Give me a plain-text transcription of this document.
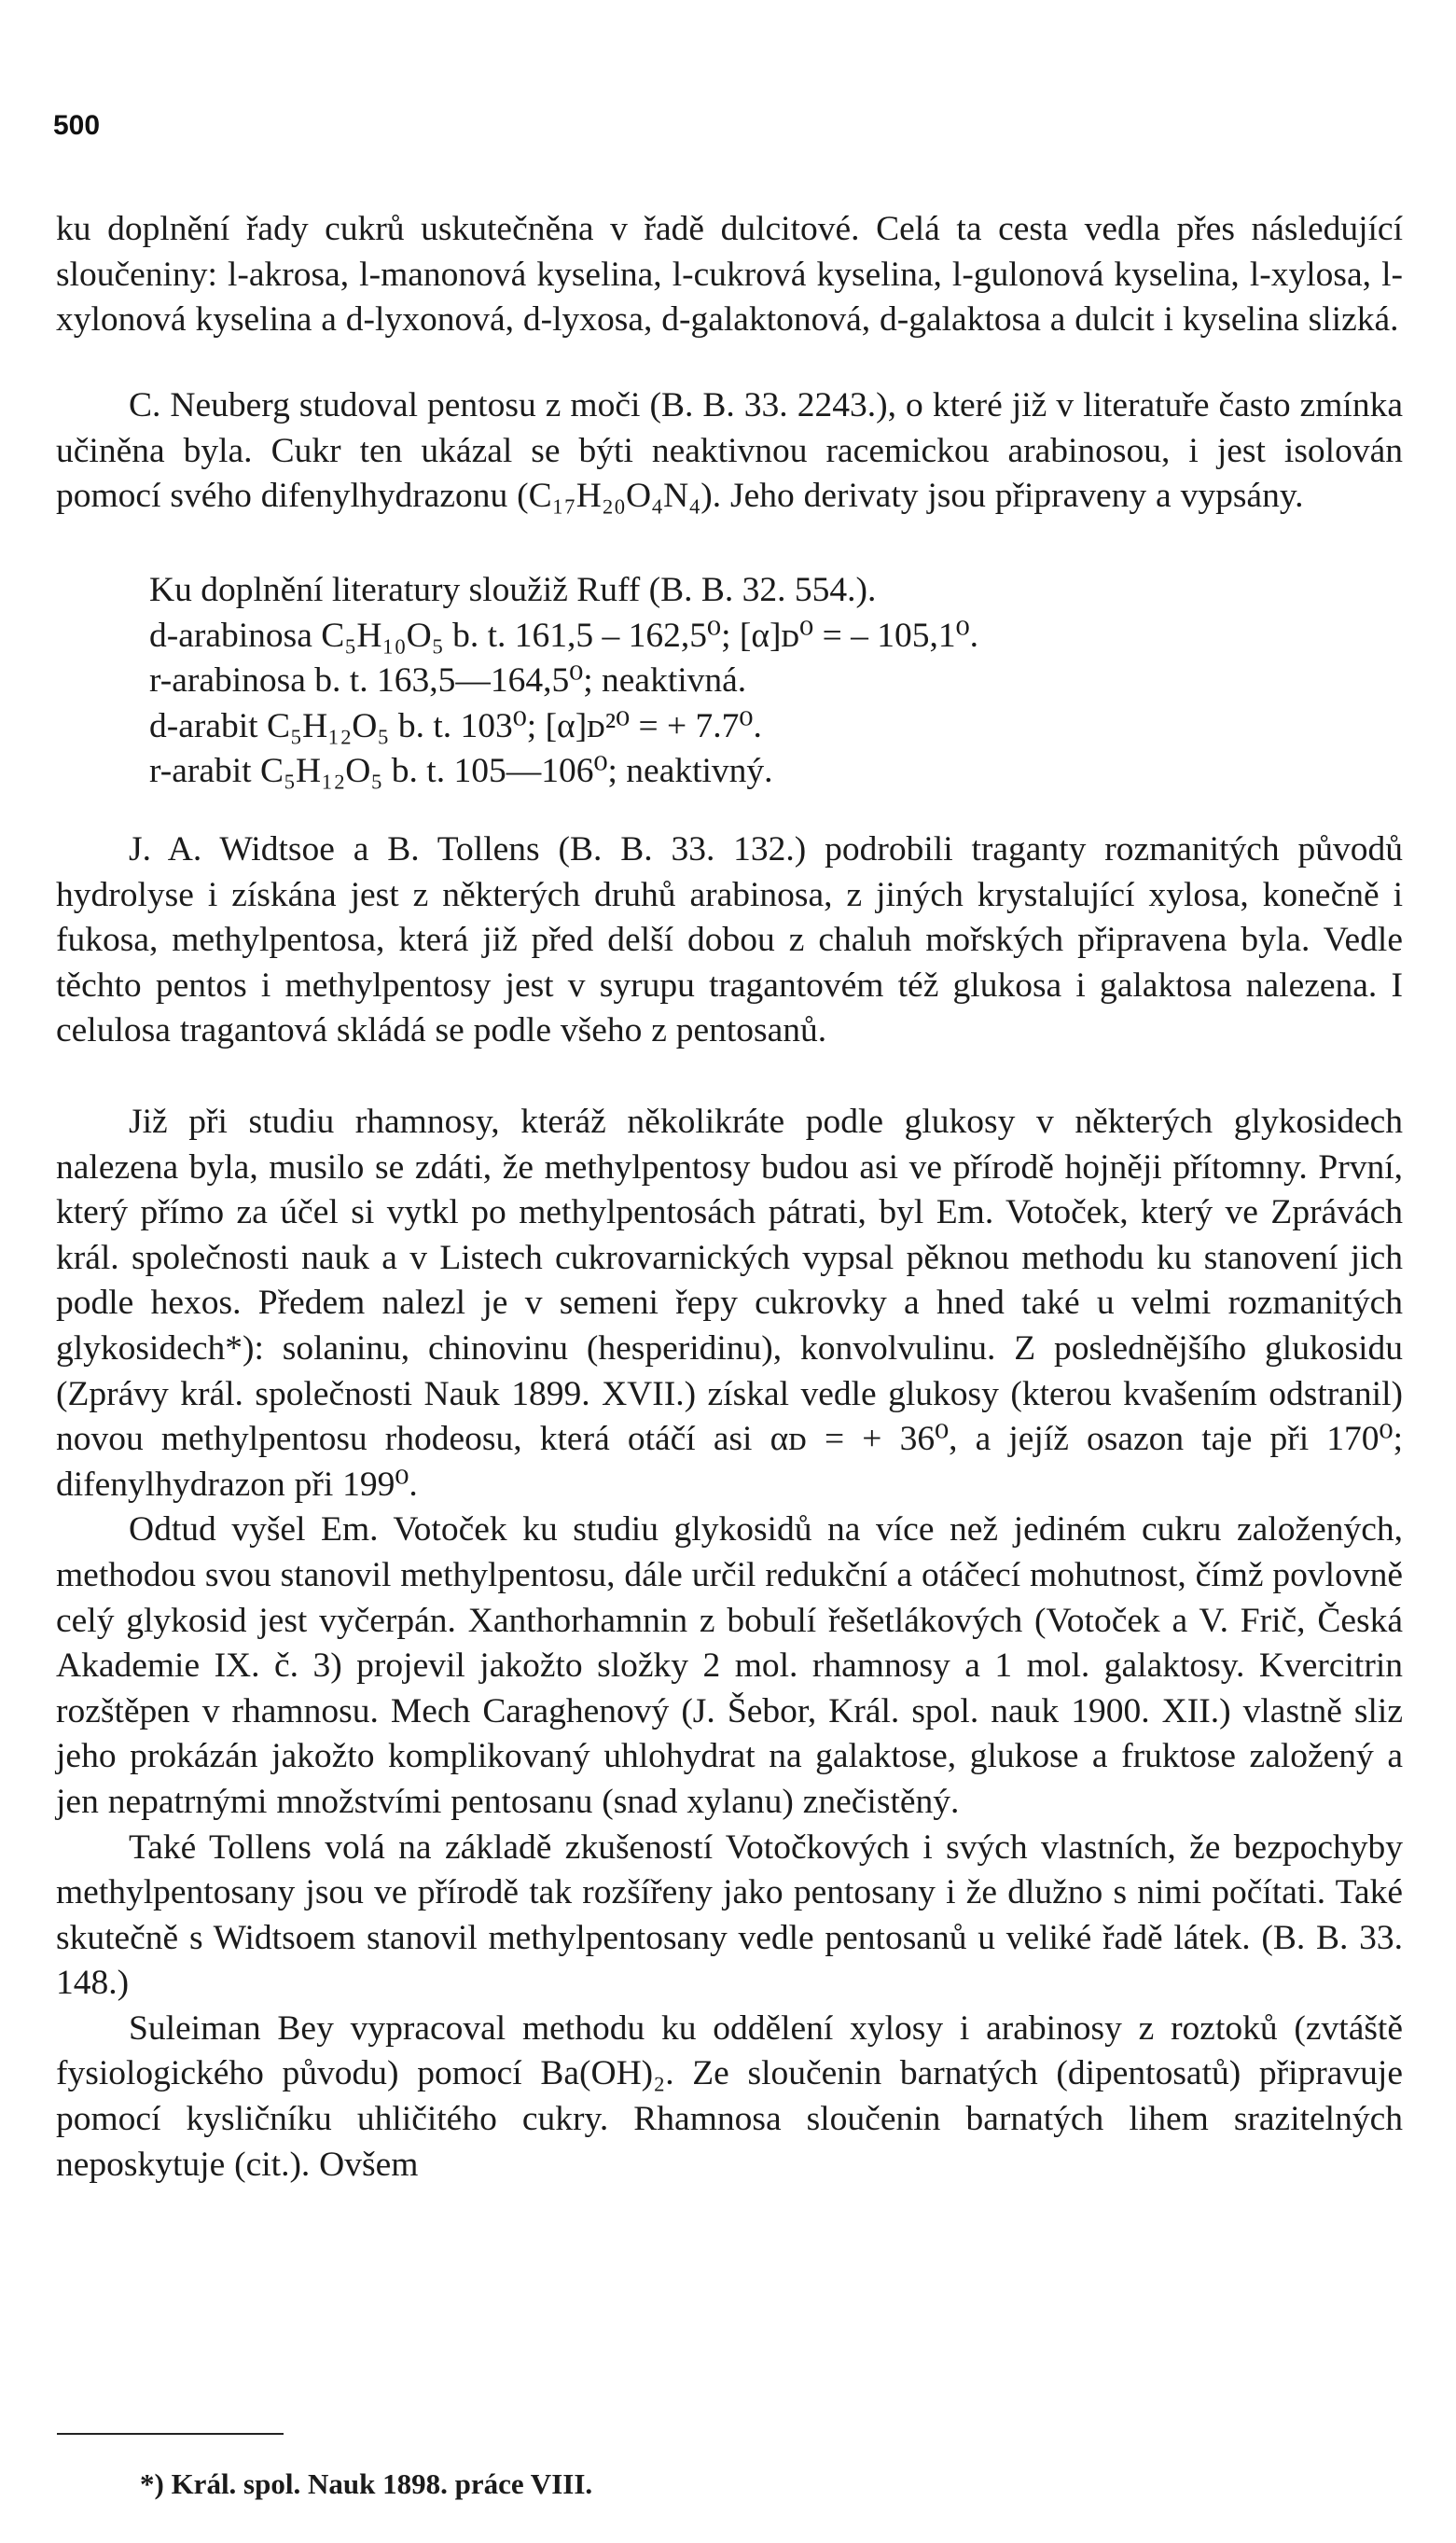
500

ku doplnění řady cukrů uskutečněna v řadě dulcitové. Celá ta cesta vedla přes následující sloučeniny: l-akrosa, l-manonová kyselina, l-cukrová kyselina, l-gulonová kyselina, l-xylosa, l-xylonová kyselina a d-lyxonová, d-lyxosa, d-galaktonová, d-galaktosa a dulcit i kyselina slizká.

C. Neuberg studoval pentosu z moči (B. B. 33. 2243.), o které již v literatuře často zmínka učiněna byla. Cukr ten ukázal se býti neaktivnou racemickou arabinosou, i jest isolován pomocí svého difenylhydrazonu (C₁₇H₂₀O₄N₄). Jeho derivaty jsou připraveny a vypsány.

Ku doplnění literatury sloužiž Ruff (B. B. 32. 554.).

d-arabinosa C₅H₁₀O₅ b. t. 161,5 – 162,5⁰; [α]ᴅ⁰ = – 105,1⁰.

r-arabinosa b. t. 163,5—164,5⁰; neaktivná.

d-arabit C₅H₁₂O₅ b. t. 103⁰; [α]ᴅ²⁰ = + 7.7⁰.

r-arabit C₅H₁₂O₅ b. t. 105—106⁰; neaktivný.

J. A. Widtsoe a B. Tollens (B. B. 33. 132.) podrobili traganty rozmanitých původů hydrolyse i získána jest z některých druhů arabinosa, z jiných krystalující xylosa, konečně i fukosa, methylpentosa, která již před delší dobou z chaluh mořských připravena byla. Vedle těchto pentos i methylpentosy jest v syrupu tragantovém též glukosa i galaktosa nalezena. I celulosa tragantová skládá se podle všeho z pentosanů.

Již při studiu rhamnosy, kteráž několikráte podle glukosy v některých glykosidech nalezena byla, musilo se zdáti, že methylpentosy budou asi ve přírodě hojněji přítomny. První, který přímo za účel si vytkl po methylpentosách pátrati, byl Em. Votoček, který ve Zprávách král. společnosti nauk a v Listech cukrovarnických vypsal pěknou methodu ku stanovení jich podle hexos. Předem nalezl je v semeni řepy cukrovky a hned také u velmi rozmanitých glykosidech*): solaninu, chinovinu (hesperidinu), konvolvulinu. Z poslednějšího glukosidu (Zprávy král. společnosti Nauk 1899. XVII.) získal vedle glukosy (kterou kvašením odstranil) novou methylpentosu rhodeosu, která otáčí asi αᴅ = + 36⁰, a jejíž osazon taje při 170⁰; difenylhydrazon při 199⁰.

Odtud vyšel Em. Votoček ku studiu glykosidů na více než jediném cukru založených, methodou svou stanovil methylpentosu, dále určil redukční a otáčecí mohutnost, čímž povlovně celý glykosid jest vyčerpán. Xanthorhamnin z bobulí řešetlákových (Votoček a V. Frič, Česká Akademie IX. č. 3) projevil jakožto složky 2 mol. rhamnosy a 1 mol. galaktosy. Kvercitrin rozštěpen v rhamnosu. Mech Caraghenový (J. Šebor, Král. spol. nauk 1900. XII.) vlastně sliz jeho prokázán jakožto komplikovaný uhlohydrat na galaktose, glukose a fruktose založený a jen nepatrnými množstvími pentosanu (snad xylanu) znečistěný.

Také Tollens volá na základě zkušeností Votočkových i svých vlastních, že bezpochyby methylpentosany jsou ve přírodě tak rozšířeny jako pentosany i že dlužno s nimi počítati. Také skutečně s Widtsoem stanovil methylpentosany vedle pentosanů u veliké řadě látek. (B. B. 33. 148.)

Suleiman Bey vypracoval methodu ku oddělení xylosy i arabinosy z roztoků (zvtáště fysiologického původu) pomocí Ba(OH)₂. Ze sloučenin barnatých (dipentosatů) připravuje pomocí kysličníku uhličitého cukry. Rhamnosa sloučenin barnatých lihem srazitelných neposkytuje (cit.). Ovšem

*) Král. spol. Nauk 1898. práce VIII.
